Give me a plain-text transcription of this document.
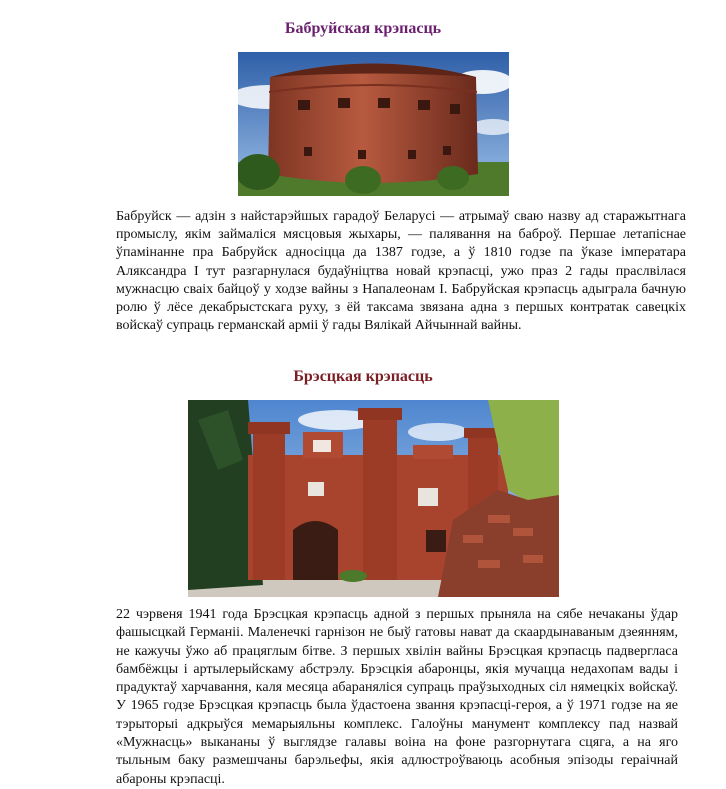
Бабруйская крэпасць

Бабруйск — адзін з найстарэйшых гарадоў Беларусі — атрымаў сваю назву ад старажытнага промыслу, якім займаліся мясцовыя жыхары, — палявання на баброў. Першае летапіснае ўпамінанне пра Бабруйск адносіцца да 1387 годзе, а ў 1810 годзе па ўказе імператара Аляксандра I тут разгарнулася будаўніцтва новай крэпасці, ужо праз 2 гады праслвілася мужнасцю сваіх байцоў у ходзе вайны з Напалеонам I. Бабруйская крэпасць адыграла бачную ролю ў лёсе декабрыстскага руху, з ёй таксама звязана адна з першых контратак савецкіх войскаў супраць германскай арміі ў гады Вялікай Айчыннай вайны.

Брэсцкая крэпасць

22 чэрвеня 1941 года Брэсцкая крэпасць адной з першых прыняла на сябе нечаканы ўдар фашысцкай Германіі. Маленечкі гарнізон не быў гатовы нават да скаардынаваным дзеянням, не кажучы ўжо аб працяглым бітве. З першых хвілін вайны Брэсцкая крэпасць падвергласа бамбёжцы і артылерыйскаму абстрэлу. Брэсцкія абаронцы, якія мучацца недахопам вады і прадуктаў харчавання, каля месяца абараняліся супраць праўзыходных сіл нямецкіх войскаў. У 1965 годзе Брэсцкая крэпасць была ўдастоена звання крэпасці-героя, а ў 1971 годзе на яе тэрыторыі адкрыўся мемарыяльны комплекс. Галоўны манумент комплексу пад назвай «Мужнасць» выкананы ў выглядзе галавы воіна на фоне разгорнутага сцяга, а на яго тыльным баку размешчаны барэльефы, якія адлюстроўваюць асобныя эпізоды гераічнай абароны крэпасці.
